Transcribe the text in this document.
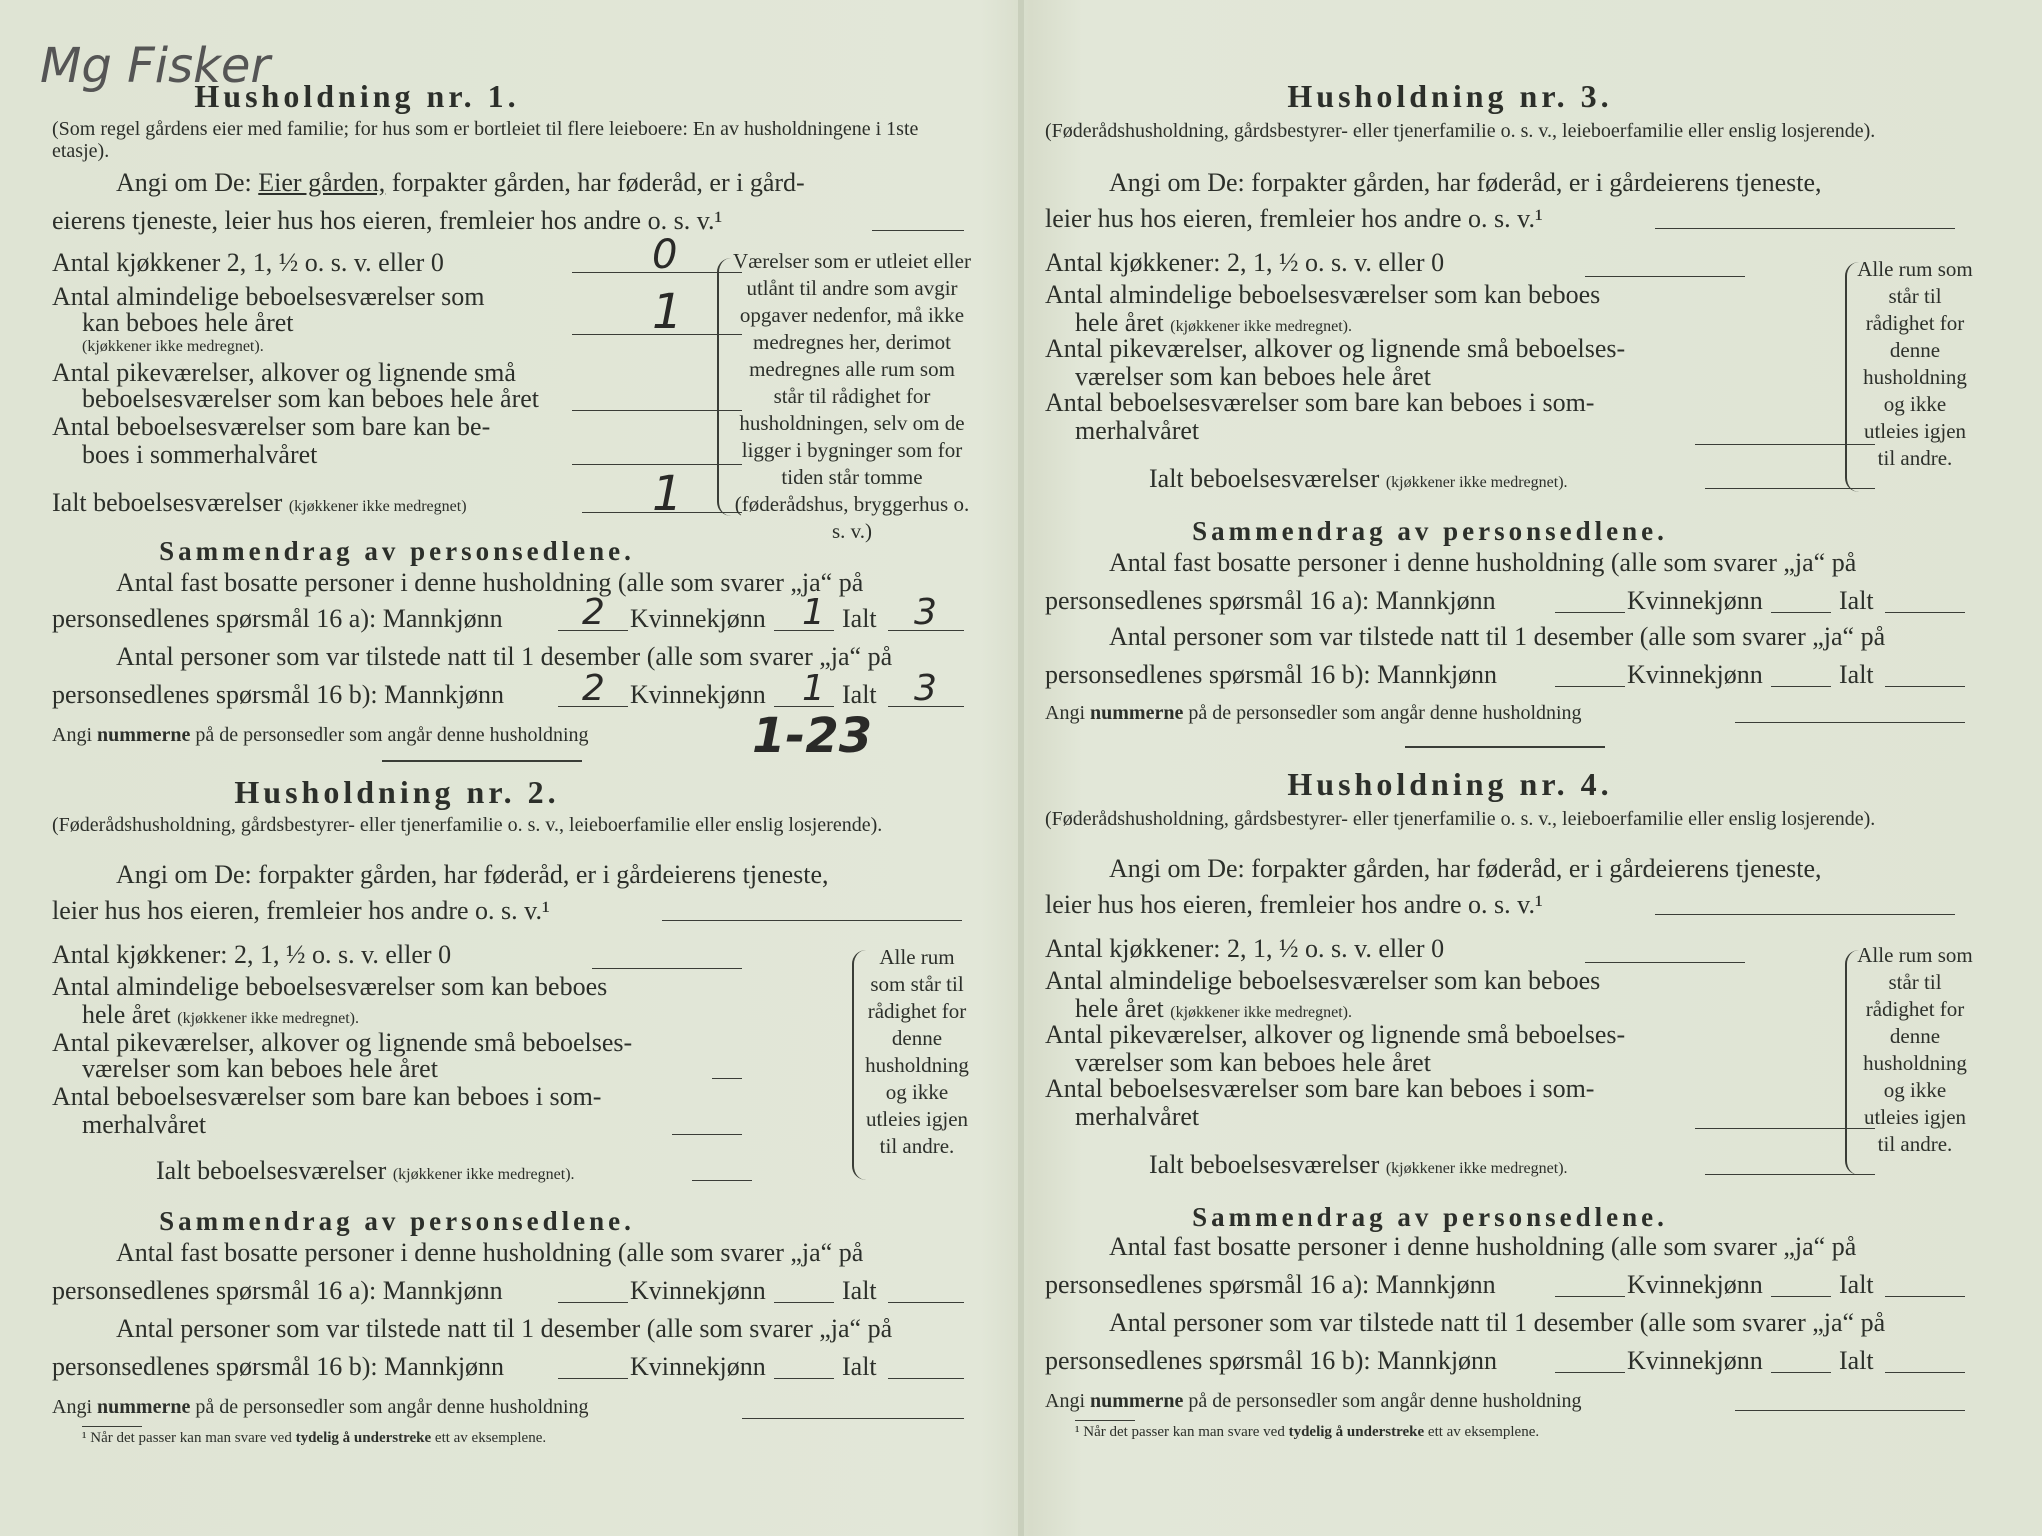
Mg Fisker
Husholdning nr. 1.
(Som regel gårdens eier med familie; for hus som er bortleiet til flere leieboere: En av husholdningene i 1ste etasje).
Angi om De: Eier gården, forpakter gården, har føderåd, er i gård-
eierens tjeneste, leier hus hos eieren, fremleier hos andre o. s. v.¹
Antal kjøkkener 2, 1, ½ o. s. v. eller 0	0
Antal almindelige beboelsesværelser som
kan beboes hele året
(kjøkkener ikke medregnet).
1
Antal pikeværelser, alkover og lignende små
beboelsesværelser som kan beboes hele året
Antal beboelsesværelser som bare kan be-
boes i sommerhalvåret
Ialt beboelsesværelser (kjøkkener ikke medregnet)	1
Værelser som er utleiet eller utlånt til andre som avgir opgaver nedenfor, må ikke medregnes her, derimot medregnes alle rum som står til rådighet for husholdningen, selv om de ligger i bygninger som for tiden står tomme (føderådshus, bryggerhus o. s. v.)
Sammendrag av personsedlene.
Antal fast bosatte personer i denne husholdning (alle som svarer „ja“ på
personsedlenes spørsmål 16 a): Mannkjønn 2 Kvinnekjønn 1 Ialt 3
Antal personer som var tilstede natt til 1 desember (alle som svarer „ja“ på
personsedlenes spørsmål 16 b): Mannkjønn 2 Kvinnekjønn 1 Ialt 3
Angi nummerne på de personsedler som angår denne husholdning	1-23
Husholdning nr. 2.
(Føderådshusholdning, gårdsbestyrer- eller tjenerfamilie o. s. v., leieboerfamilie eller enslig losjerende).
Angi om De: forpakter gården, har føderåd, er i gårdeierens tjeneste,
leier hus hos eieren, fremleier hos andre o. s. v.¹
Antal kjøkkener: 2, 1, ½ o. s. v. eller 0
Antal almindelige beboelsesværelser som kan beboes
hele året (kjøkkener ikke medregnet).
Antal pikeværelser, alkover og lignende små beboelses-
værelser som kan beboes hele året
Antal beboelsesværelser som bare kan beboes i som-
merhalvåret
Ialt beboelsesværelser (kjøkkener ikke medregnet).
Alle rum som står til rådighet for denne husholdning og ikke utleies igjen til andre.
Sammendrag av personsedlene.
Antal fast bosatte personer i denne husholdning (alle som svarer „ja“ på
personsedlenes spørsmål 16 a): Mannkjønn	Kvinnekjønn	Ialt
Antal personer som var tilstede natt til 1 desember (alle som svarer „ja“ på
personsedlenes spørsmål 16 b): Mannkjønn	Kvinnekjønn	Ialt
Angi nummerne på de personsedler som angår denne husholdning
¹ Når det passer kan man svare ved tydelig å understreke ett av eksemplene.
Husholdning nr. 3.
(Føderådshusholdning, gårdsbestyrer- eller tjenerfamilie o. s. v., leieboerfamilie eller enslig losjerende).
Angi om De: forpakter gården, har føderåd, er i gårdeierens tjeneste,
leier hus hos eieren, fremleier hos andre o. s. v.¹
Antal kjøkkener: 2, 1, ½ o. s. v. eller 0
Antal almindelige beboelsesværelser som kan beboes
hele året (kjøkkener ikke medregnet).
Antal pikeværelser, alkover og lignende små beboelses-
værelser som kan beboes hele året
Antal beboelsesværelser som bare kan beboes i som-
merhalvåret
Ialt beboelsesværelser (kjøkkener ikke medregnet).
Alle rum som står til rådighet for denne husholdning og ikke utleies igjen til andre.
Sammendrag av personsedlene.
Antal fast bosatte personer i denne husholdning (alle som svarer „ja“ på
personsedlenes spørsmål 16 a): Mannkjønn	Kvinnekjønn	Ialt
Antal personer som var tilstede natt til 1 desember (alle som svarer „ja“ på
personsedlenes spørsmål 16 b): Mannkjønn	Kvinnekjønn	Ialt
Angi nummerne på de personsedler som angår denne husholdning
Husholdning nr. 4.
(Føderådshusholdning, gårdsbestyrer- eller tjenerfamilie o. s. v., leieboerfamilie eller enslig losjerende).
Angi om De: forpakter gården, har føderåd, er i gårdeierens tjeneste,
leier hus hos eieren, fremleier hos andre o. s. v.¹
Antal kjøkkener: 2, 1, ½ o. s. v. eller 0
Antal almindelige beboelsesværelser som kan beboes
hele året (kjøkkener ikke medregnet).
Antal pikeværelser, alkover og lignende små beboelses-
værelser som kan beboes hele året
Antal beboelsesværelser som bare kan beboes i som-
merhalvåret
Ialt beboelsesværelser (kjøkkener ikke medregnet).
Alle rum som står til rådighet for denne husholdning og ikke utleies igjen til andre.
Sammendrag av personsedlene.
Antal fast bosatte personer i denne husholdning (alle som svarer „ja“ på
personsedlenes spørsmål 16 a): Mannkjønn	Kvinnekjønn	Ialt
Antal personer som var tilstede natt til 1 desember (alle som svarer „ja“ på
personsedlenes spørsmål 16 b): Mannkjønn	Kvinnekjønn	Ialt
Angi nummerne på de personsedler som angår denne husholdning
¹ Når det passer kan man svare ved tydelig å understreke ett av eksemplene.
